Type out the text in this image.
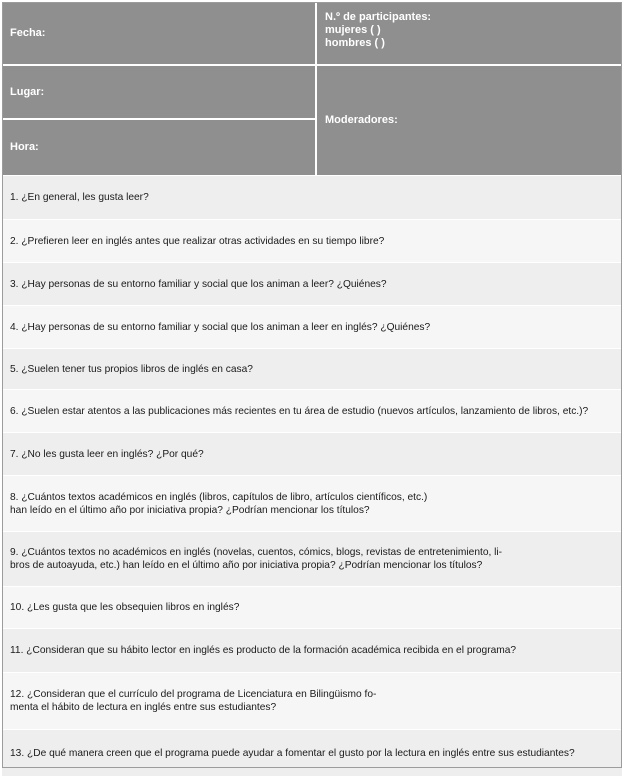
Fecha:
N.º de participantes:
mujeres ( )
hombres ( )
Lugar:
Hora:
Moderadores:
1. ¿En general, les gusta leer?
2. ¿Prefieren leer en inglés antes que realizar otras actividades en su tiempo libre?
3. ¿Hay personas de su entorno familiar y social que los animan a leer? ¿Quiénes?
4. ¿Hay personas de su entorno familiar y social que los animan a leer en inglés? ¿Quiénes?
5. ¿Suelen tener tus propios libros de inglés en casa?
6. ¿Suelen estar atentos a las publicaciones más recientes en tu área de estudio (nuevos artículos, lanzamiento de libros, etc.)?
7. ¿No les gusta leer en inglés? ¿Por qué?
8. ¿Cuántos textos académicos en inglés (libros, capítulos de libro, artículos científicos, etc.)
han leído en el último año por iniciativa propia? ¿Podrían mencionar los títulos?
9. ¿Cuántos textos no académicos en inglés (novelas, cuentos, cómics, blogs, revistas de entretenimiento, li-
bros de autoayuda, etc.) han leído en el último año por iniciativa propia? ¿Podrían mencionar los títulos?
10. ¿Les gusta que les obsequien libros en inglés?
11. ¿Consideran que su hábito lector en inglés es producto de la formación académica recibida en el programa?
12. ¿Consideran que el currículo del programa de Licenciatura en Bilingüismo fo-
menta el hábito de lectura en inglés entre sus estudiantes?
13. ¿De qué manera creen que el programa puede ayudar a fomentar el gusto por la lectura en inglés entre sus estudiantes?
